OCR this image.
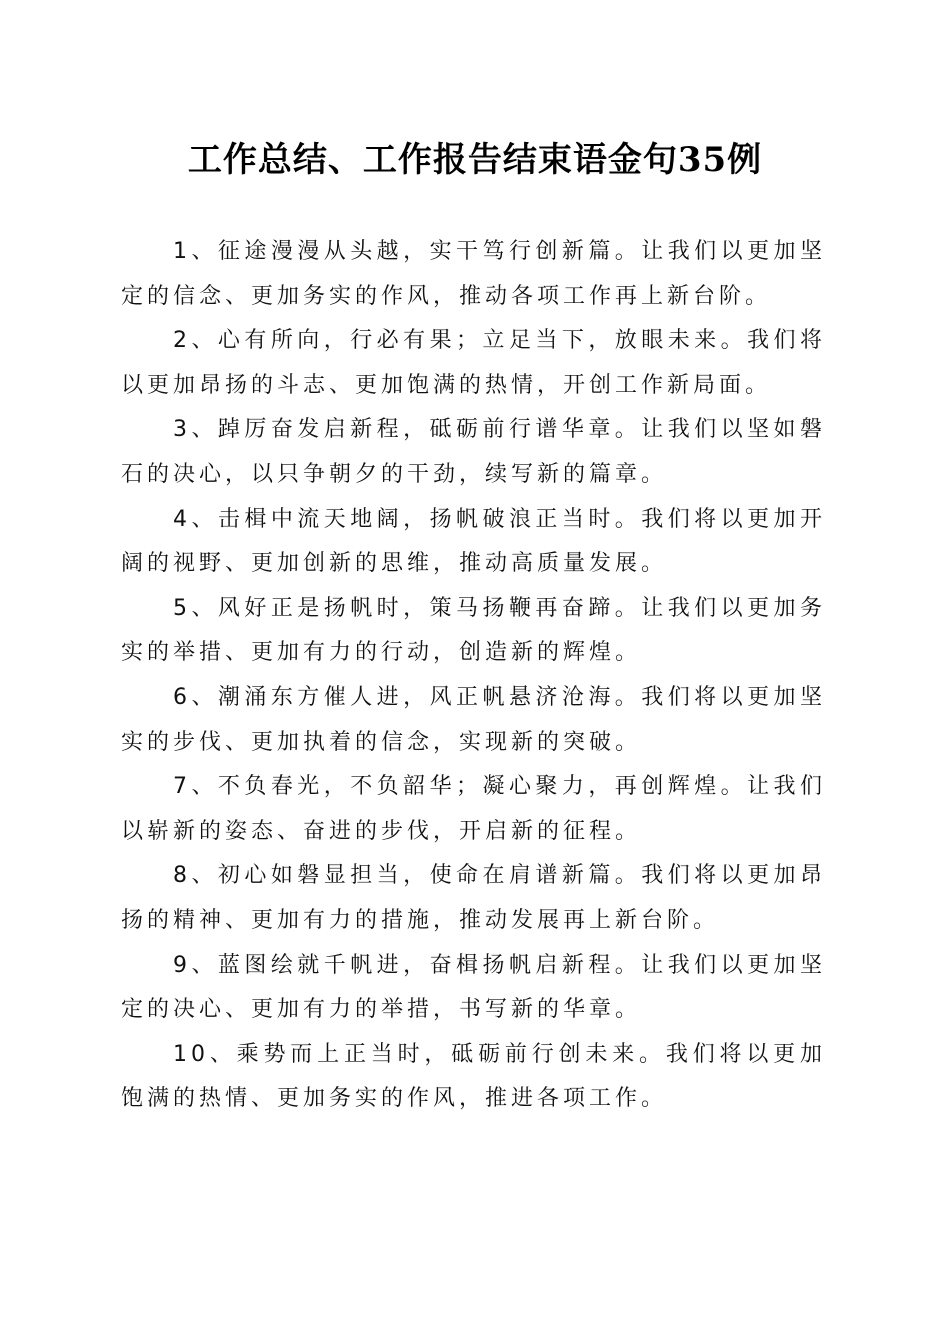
工作总结、工作报告结束语金句35例

1、征途漫漫从头越，实干笃行创新篇。让我们以更加坚定的信念、更加务实的作风，推动各项工作再上新台阶。

2、心有所向，行必有果；立足当下，放眼未来。我们将以更加昂扬的斗志、更加饱满的热情，开创工作新局面。

3、踔厉奋发启新程，砥砺前行谱华章。让我们以坚如磐石的决心，以只争朝夕的干劲，续写新的篇章。

4、击楫中流天地阔，扬帆破浪正当时。我们将以更加开阔的视野、更加创新的思维，推动高质量发展。

5、风好正是扬帆时，策马扬鞭再奋蹄。让我们以更加务实的举措、更加有力的行动，创造新的辉煌。

6、潮涌东方催人进，风正帆悬济沧海。我们将以更加坚实的步伐、更加执着的信念，实现新的突破。

7、不负春光，不负韶华；凝心聚力，再创辉煌。让我们以崭新的姿态、奋进的步伐，开启新的征程。

8、初心如磐显担当，使命在肩谱新篇。我们将以更加昂扬的精神、更加有力的措施，推动发展再上新台阶。

9、蓝图绘就千帆进，奋楫扬帆启新程。让我们以更加坚定的决心、更加有力的举措，书写新的华章。

10、乘势而上正当时，砥砺前行创未来。我们将以更加饱满的热情、更加务实的作风，推进各项工作。
